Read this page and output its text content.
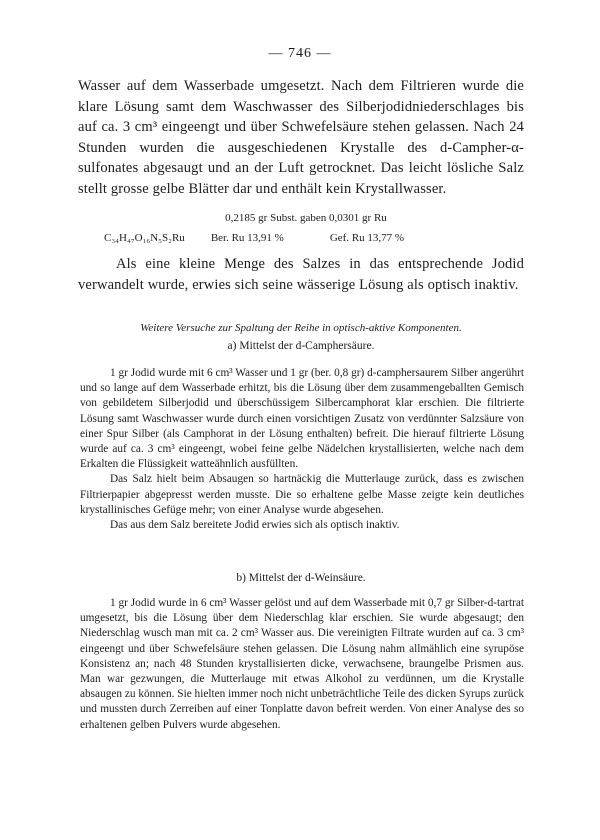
— 746 —

Wasser auf dem Wasserbade umgesetzt. Nach dem Filtrieren wurde die klare Lösung samt dem Waschwasser des Silberjodidniederschlages bis auf ca. 3 cm³ eingeengt und über Schwefelsäure stehen gelassen. Nach 24 Stunden wurden die ausgeschiedenen Krystalle des d-Campher-α-sulfonates abgesaugt und an der Luft getrocknet. Das leicht lösliche Salz stellt grosse gelbe Blätter dar und enthält kein Krystallwasser.

0,2185 gr Subst. gaben 0,0301 gr Ru
C₃₄H₄₇O₁₆N₅S₂Ru Ber. Ru 13,91 %	Gef. Ru 13,77 %

Als eine kleine Menge des Salzes in das entsprechende Jodid verwandelt wurde, erwies sich seine wässerige Lösung als optisch inaktiv.

Weitere Versuche zur Spaltung der Reihe in optisch-aktive Komponenten.
a) Mittelst der d-Camphersäure.

1 gr Jodid wurde mit 6 cm³ Wasser und 1 gr (ber. 0,8 gr) d-camphersaurem Silber angerührt und so lange auf dem Wasserbade erhitzt, bis die Lösung über dem zusammengeballten Gemisch von gebildetem Silberjodid und überschüssigem Silbercamphorat klar erschien. Die filtrierte Lösung samt Waschwasser wurde durch einen vorsichtigen Zusatz von verdünnter Salzsäure von einer Spur Silber (als Camphorat in der Lösung enthalten) befreit. Die hierauf filtrierte Lösung wurde auf ca. 3 cm³ eingeengt, wobei feine gelbe Nädelchen krystallisierten, welche nach dem Erkalten die Flüssigkeit watteähnlich ausfüllten.

Das Salz hielt beim Absaugen so hartnäckig die Mutterlauge zurück, dass es zwischen Filtrierpapier abgepresst werden musste. Die so erhaltene gelbe Masse zeigte kein deutliches krystallinisches Gefüge mehr; von einer Analyse wurde abgesehen.

Das aus dem Salz bereitete Jodid erwies sich als optisch inaktiv.

b) Mittelst der d-Weinsäure.

1 gr Jodid wurde in 6 cm³ Wasser gelöst und auf dem Wasserbade mit 0,7 gr Silber-d-tartrat umgesetzt, bis die Lösung über dem Niederschlag klar erschien. Sie wurde abgesaugt; den Niederschlag wusch man mit ca. 2 cm³ Wasser aus. Die vereinigten Filtrate wurden auf ca. 3 cm³ eingeengt und über Schwefelsäure stehen gelassen. Die Lösung nahm allmählich eine syrupöse Konsistenz an; nach 48 Stunden krystallisierten dicke, verwachsene, braungelbe Prismen aus. Man war gezwungen, die Mutterlauge mit etwas Alkohol zu verdünnen, um die Krystalle absaugen zu können. Sie hielten immer noch nicht unbeträchtliche Teile des dicken Syrups zurück und mussten durch Zerreiben auf einer Tonplatte davon befreit werden. Von einer Analyse des so erhaltenen gelben Pulvers wurde abgesehen.
